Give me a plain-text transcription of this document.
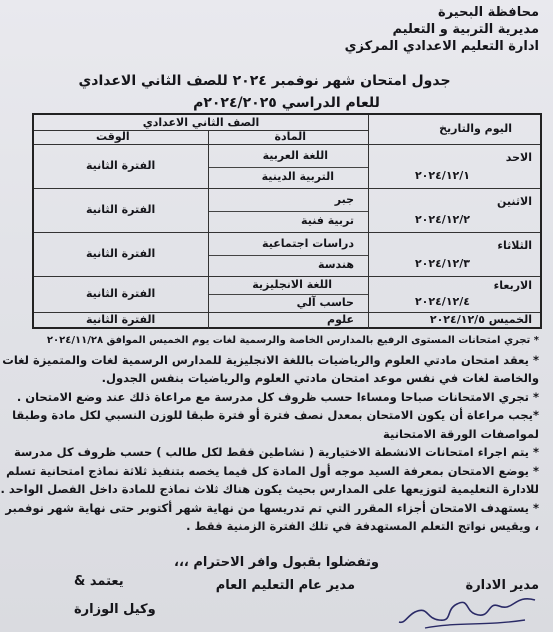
محافظة البحيرة
مديرية التربية و التعليم
ادارة التعليم الاعدادي المركزي
جدول امتحان شهر نوفمبر ٢٠٢٤ للصف الثاني الاعدادي
للعام الدراسي ٢٠٢٤/٢٠٢٥م
اليوم والتاريخ
الصف الثاني الاعدادي
المادة
الوقت
الاحد
٢٠٢٤/١٢/١
اللغة العربية
التربية الدينية
الفترة الثانية
الاثنين
٢٠٢٤/١٢/٢
جبر
تربية فنية
الفترة الثانية
الثلاثاء
٢٠٢٤/١٢/٣
دراسات اجتماعية
هندسة
الفترة الثانية
الاربعاء
٢٠٢٤/١٢/٤
اللغة الانجليزية
حاسب آلي
الفترة الثانية
الخميس ٢٠٢٤/١٢/٥
علوم
الفترة الثانية
* تجري امتحانات المستوى الرفيع بالمدارس الخاصة والرسمية لغات يوم الخميس الموافق ٢٠٢٤/١١/٢٨
* يعقد امتحان مادتي العلوم والرياضيات باللغة الانجليزية للمدارس الرسمية لغات والمتميزة لغات
والخاصة لغات في نفس موعد امتحان مادتي العلوم والرياضيات بنفس الجدول.
* تجري الامتحانات صباحا ومساءا حسب ظروف كل مدرسة مع مراعاة ذلك عند وضع الامتحان .
*يجب مراعاة أن يكون الامتحان بمعدل نصف فترة أو فترة طبقا للوزن النسبي لكل مادة وطبقا
لمواصفات الورقة الامتحانية
* يتم اجراء امتحانات الانشطة الاختيارية ( نشاطين فقط لكل طالب ) حسب ظروف كل مدرسة
* يوضع الامتحان بمعرفة السيد موجه أول المادة كل فيما يخصه بتنفيذ ثلاثة نماذج امتحانية تسلم
للادارة التعليمية لتوزيعها على المدارس بحيث يكون هناك ثلاث نماذج للمادة داخل الفصل الواحد .
* يستهدف الامتحان أجزاء المقرر التي تم تدريسها من نهاية شهر أكتوبر حتى نهاية شهر نوفمبر
، ويقيس نواتج التعلم المستهدفة في تلك الفترة الزمنية فقط .
وتفضلوا بقبول وافر الاحترام ،،،
مدير الادارة
مدير عام التعليم العام
يعتمد &
وكيل الوزارة
